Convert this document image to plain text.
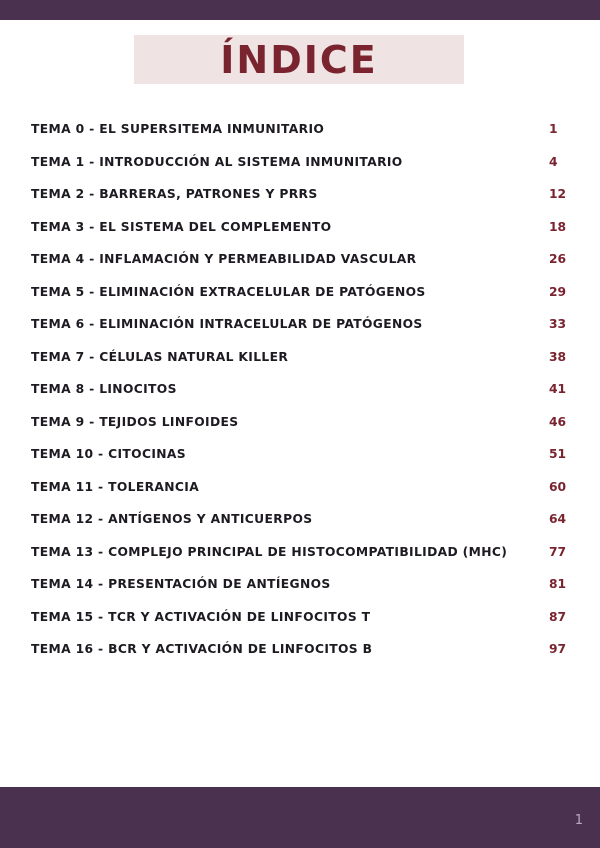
ÍNDICE
TEMA 0 - EL SUPERSITEMA INMUNITARIO	1
TEMA 1 - INTRODUCCIÓN AL SISTEMA INMUNITARIO	4
TEMA 2 - BARRERAS, PATRONES Y PRRS	12
TEMA 3 - EL SISTEMA DEL COMPLEMENTO	18
TEMA 4 - INFLAMACIÓN Y PERMEABILIDAD VASCULAR	26
TEMA 5 - ELIMINACIÓN EXTRACELULAR DE PATÓGENOS	29
TEMA 6 - ELIMINACIÓN INTRACELULAR DE PATÓGENOS	33
TEMA 7 - CÉLULAS NATURAL KILLER	38
TEMA 8 - LINOCITOS	41
TEMA 9 - TEJIDOS LINFOIDES	46
TEMA 10 - CITOCINAS	51
TEMA 11 - TOLERANCIA	60
TEMA 12 - ANTÍGENOS Y ANTICUERPOS	64
TEMA 13 - COMPLEJO PRINCIPAL DE HISTOCOMPATIBILIDAD (MHC)	77
TEMA 14 - PRESENTACIÓN DE ANTÍEGNOS	81
TEMA 15 - TCR Y ACTIVACIÓN DE LINFOCITOS T	87
TEMA 16 - BCR Y ACTIVACIÓN DE LINFOCITOS B	97
1
